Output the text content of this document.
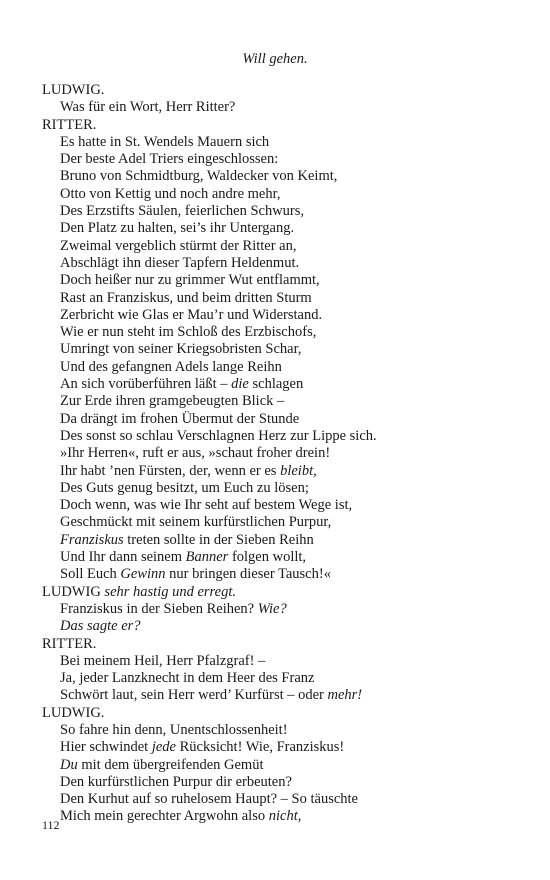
Will gehen.
LUDWIG.
Was für ein Wort, Herr Ritter?
RITTER.
Es hatte in St. Wendels Mauern sich
Der beste Adel Triers eingeschlossen:
Bruno von Schmidtburg, Waldecker von Keimt,
Otto von Kettig und noch andre mehr,
Des Erzstifts Säulen, feierlichen Schwurs,
Den Platz zu halten, sei’s ihr Untergang.
Zweimal vergeblich stürmt der Ritter an,
Abschlägt ihn dieser Tapfern Heldenmut.
Doch heißer nur zu grimmer Wut entflammt,
Rast an Franziskus, und beim dritten Sturm
Zerbricht wie Glas er Mau’r und Widerstand.
Wie er nun steht im Schloß des Erzbischofs,
Umringt von seiner Kriegsobristen Schar,
Und des gefangnen Adels lange Reihn
An sich vorüberführen läßt – die schlagen
Zur Erde ihren gramgebeugten Blick –
Da drängt im frohen Übermut der Stunde
Des sonst so schlau Verschlagnen Herz zur Lippe sich.
»Ihr Herren«, ruft er aus, »schaut froher drein!
Ihr habt ’nen Fürsten, der, wenn er es bleibt,
Des Guts genug besitzt, um Euch zu lösen;
Doch wenn, was wie Ihr seht auf bestem Wege ist,
Geschmückt mit seinem kurfürstlichen Purpur,
Franziskus treten sollte in der Sieben Reihn
Und Ihr dann seinem Banner folgen wollt,
Soll Euch Gewinn nur bringen dieser Tausch!«
LUDWIG sehr hastig und erregt.
Franziskus in der Sieben Reihen? Wie?
Das sagte er?
RITTER.
Bei meinem Heil, Herr Pfalzgraf! –
Ja, jeder Lanzknecht in dem Heer des Franz
Schwört laut, sein Herr werd’ Kurfürst – oder mehr!
LUDWIG.
So fahre hin denn, Unentschlossenheit!
Hier schwindet jede Rücksicht! Wie, Franziskus!
Du mit dem übergreifenden Gemüt
Den kurfürstlichen Purpur dir erbeuten?
Den Kurhut auf so ruhelosem Haupt? – So täuschte
Mich mein gerechter Argwohn also nicht,
112
